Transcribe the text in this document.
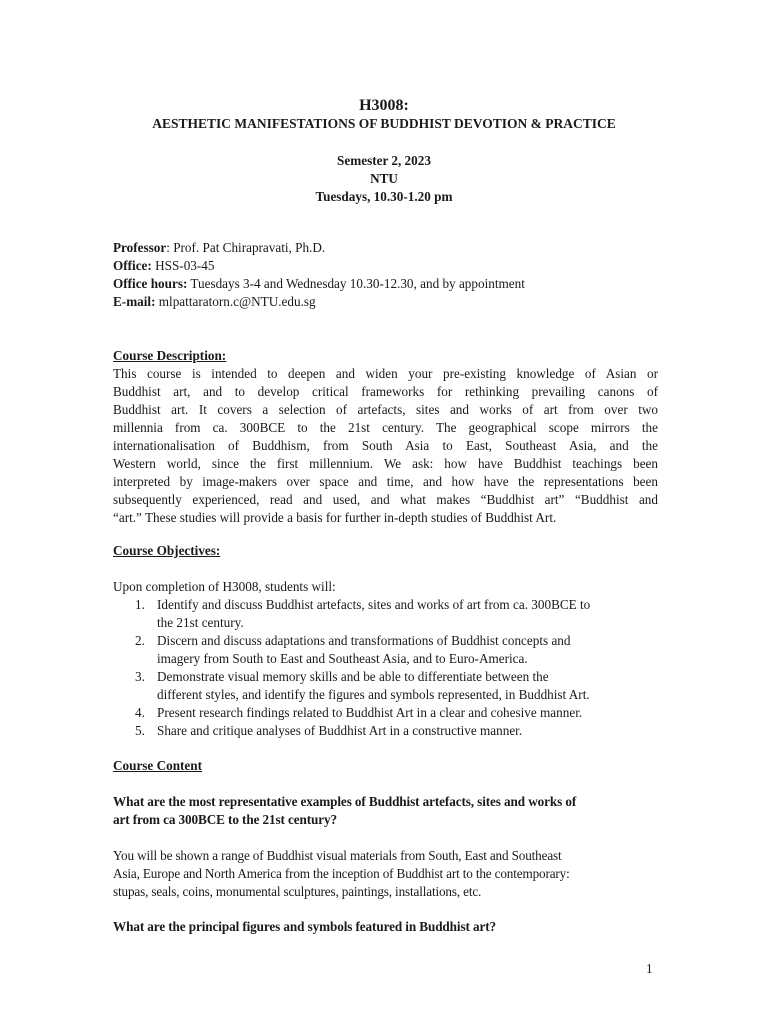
H3008:
AESTHETIC MANIFESTATIONS OF BUDDHIST DEVOTION & PRACTICE
Semester 2, 2023
NTU
Tuesdays, 10.30-1.20 pm
Professor: Prof. Pat Chirapravati, Ph.D.
Office: HSS-03-45
Office hours: Tuesdays 3-4 and Wednesday 10.30-12.30, and by appointment
E-mail: mlpattaratorn.c@NTU.edu.sg
Course Description:
This course is intended to deepen and widen your pre-existing knowledge of Asian or
Buddhist art, and to develop critical frameworks for rethinking prevailing canons of
Buddhist art. It covers a selection of artefacts, sites and works of art from over two
millennia from ca. 300BCE to the 21st century. The geographical scope mirrors the
internationalisation of Buddhism, from South Asia to East, Southeast Asia, and the
Western world, since the first millennium. We ask: how have Buddhist teachings been
interpreted by image-makers over space and time, and how have the representations been
subsequently experienced, read and used, and what makes “Buddhist art” “Buddhist and
“art.” These studies will provide a basis for further in-depth studies of Buddhist Art.
Course Objectives:
Upon completion of H3008, students will:
1. Identify and discuss Buddhist artefacts, sites and works of art from ca. 300BCE to
the 21st century.
2. Discern and discuss adaptations and transformations of Buddhist concepts and
imagery from South to East and Southeast Asia, and to Euro-America.
3. Demonstrate visual memory skills and be able to differentiate between the
different styles, and identify the figures and symbols represented, in Buddhist Art.
4. Present research findings related to Buddhist Art in a clear and cohesive manner.
5. Share and critique analyses of Buddhist Art in a constructive manner.
Course Content
What are the most representative examples of Buddhist artefacts, sites and works of
art from ca 300BCE to the 21st century?
You will be shown a range of Buddhist visual materials from South, East and Southeast
Asia, Europe and North America from the inception of Buddhist art to the contemporary:
stupas, seals, coins, monumental sculptures, paintings, installations, etc.
What are the principal figures and symbols featured in Buddhist art?
1
